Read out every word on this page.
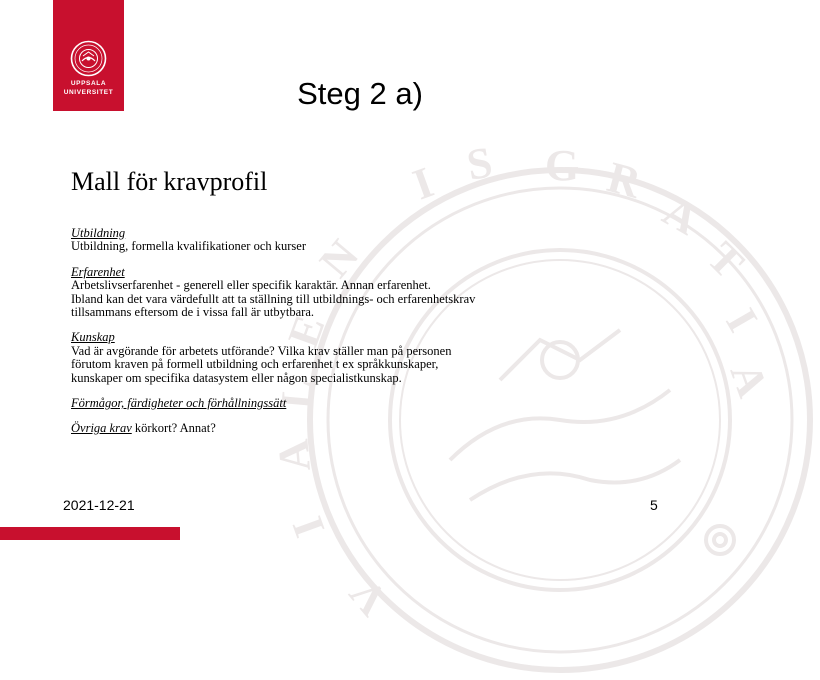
I S G R
A
T
I
A
N
E
L
A
I
V
UPPSALA
UNIVERSITET	Steg 2 a)
Mall för kravprofil
Utbildning
Utbildning, formella kvalifikationer och kurser
Erfarenhet
Arbetslivserfarenhet - generell eller specifik karaktär. Annan erfarenhet.
Ibland kan det vara värdefullt att ta ställning till utbildnings- och erfarenhetskrav
tillsammans eftersom de i vissa fall är utbytbara.
Kunskap
Vad är avgörande för arbetets utförande? Vilka krav ställer man på personen
förutom kraven på formell utbildning och erfarenhet t ex språkkunskaper,
kunskaper om specifika datasystem eller någon specialistkunskap.
Förmågor, färdigheter och förhållningssätt
Övriga krav körkort? Annat?
2021-12-21	5
